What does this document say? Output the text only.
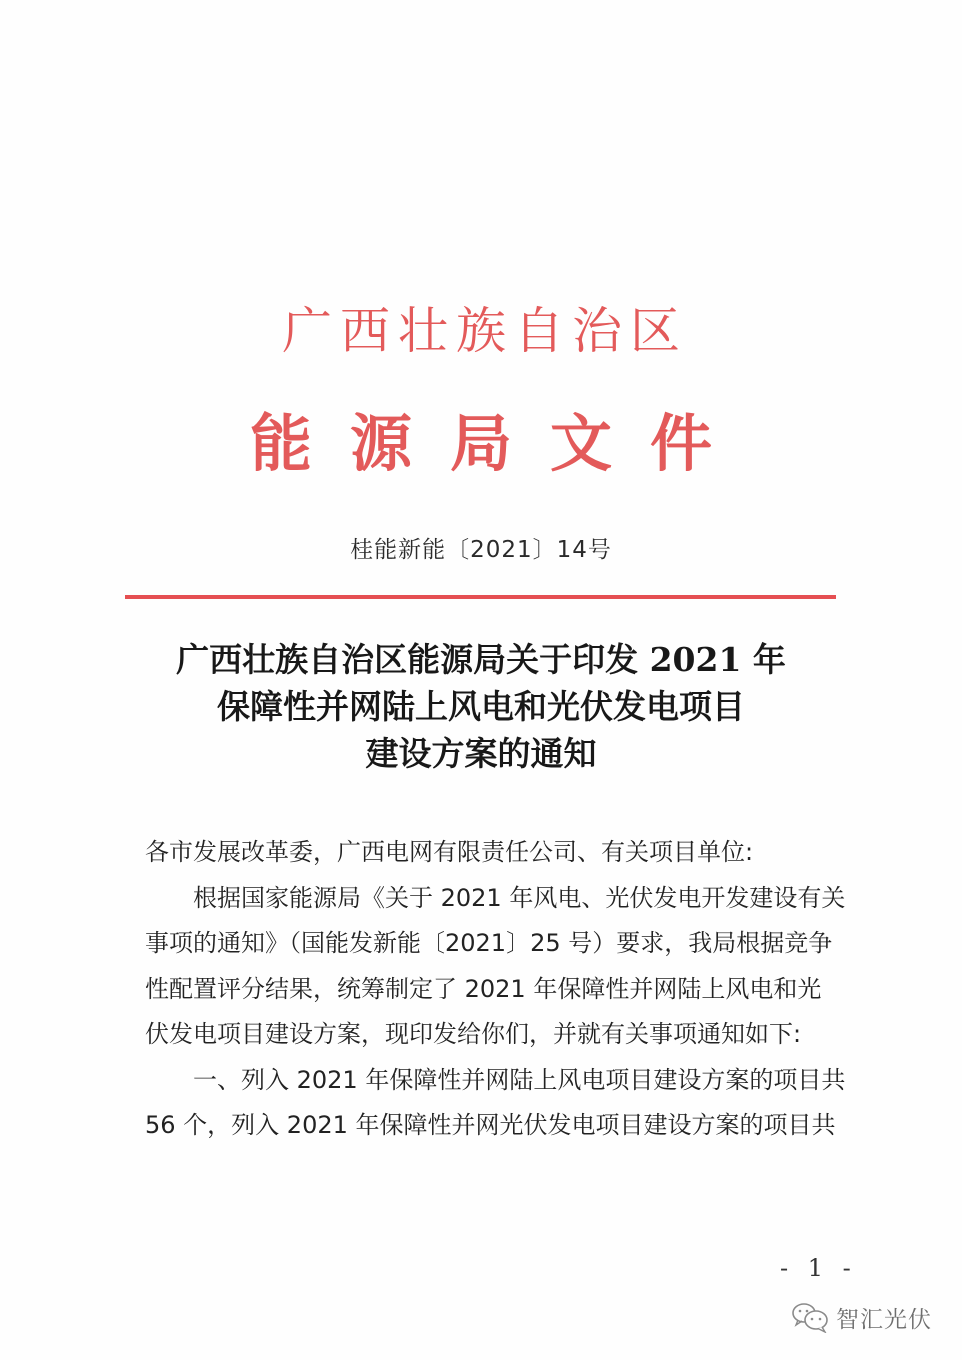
广西壮族自治区
能源局文件
桂能新能〔2021〕14号
广西壮族自治区能源局关于印发 2021 年
保障性并网陆上风电和光伏发电项目
建设方案的通知

各市发展改革委，广西电网有限责任公司、有关项目单位:

根据国家能源局《关于 2021 年风电、光伏发电开发建设有关

事项的通知》（国能发新能〔2021〕25 号）要求，我局根据竞争

性配置评分结果，统筹制定了 2021 年保障性并网陆上风电和光

伏发电项目建设方案，现印发给你们，并就有关事项通知如下:

一、列入 2021 年保障性并网陆上风电项目建设方案的项目共

56 个，列入 2021 年保障性并网光伏发电项目建设方案的项目共

- 1 -
智汇光伏
